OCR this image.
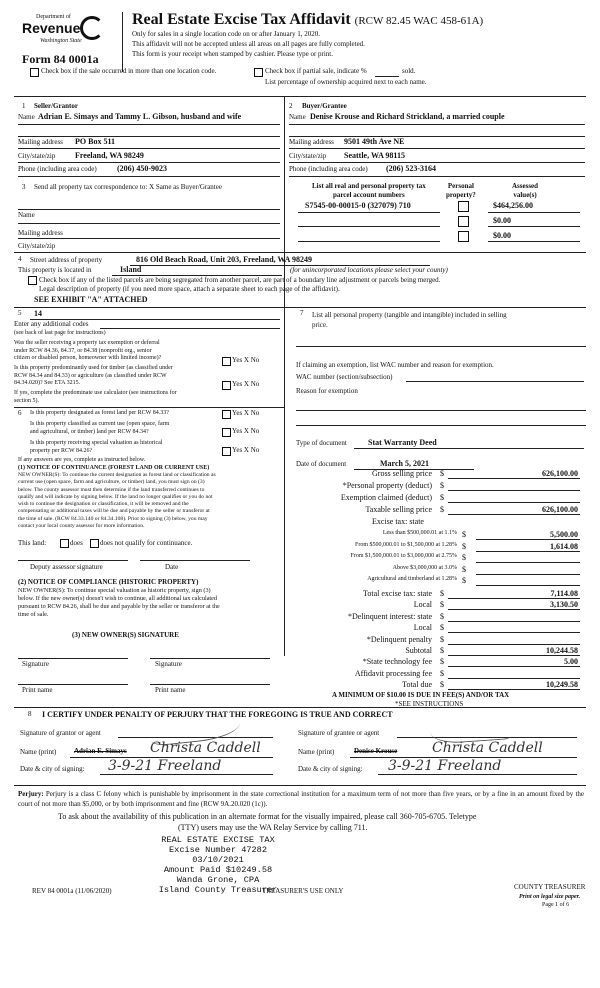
Department of
Revenue
Washington State
Form 84 0001a
Real Estate Excise Tax Affidavit (RCW 82.45 WAC 458-61A)
Only for sales in a single location code on or after January 1, 2020.
This affidavit will not be accepted unless all areas on all pages are fully completed.
This form is your receipt when stamped by cashier. Please type or print.
Check box if the sale occurred in more than one location code.	Check box if partial sale, indicate %	sold.
List percentage of ownership acquired next to each name.
1 Seller/Grantor
Name Adrian E. Simays and Tammy L. Gibson, husband and wife
Mailing address PO Box 511
City/state/zip Freeland, WA 98249
Phone (including area code)	(206) 450-9023
2 Buyer/Grantee
Name Denise Krouse and Richard Strickland, a married couple
Mailing address 9501 49th Ave NE
City/state/zip Seattle, WA 98115
Phone (including area code) (206) 523-3164
3 Send all property tax correspondence to: X Same as Buyer/Grantee
Name
Mailing address
City/state/zip
List all real and personal property tax
parcel account numbers
Personal
property?
Assessed
value(s)
S7545-00-00015-0 (327079) 710	$464,256.00
$0.00
$0.00
4 Street address of property	816 Old Beach Road, Unit 203, Freeland, WA 98249
This property is located in	Island	(for unincorporated locations please select your county)
Check box if any of the listed parcels are being segregated from another parcel, are part of a boundary line adjustment or parcels being merged.
Legal description of property (if you need more space, attach a separate sheet to each page of the affidavit).
SEE EXHIBIT "A" ATTACHED
5 14
Enter any additional codes
(see back of last page for instructions)
Was the seller receiving a property tax exemption or deferral
under RCW 84.36, 84.37, or 84.38 (nonprofit org., senior
citizen or disabled person, homeowner with limited income)?	Yes X No
Is this property predominantly used for timber (as classified under
RCW 84.34 and 84.33) or agriculture (as classified under RCW
84.34.020)? See ETA 3215.	Yes X No
If yes, complete the predominate use calculator (see instructions for
section 5).
6 Is this property designated as forest land per RCW 84.33?	Yes X No
Is this property classified as current use (open space, farm
and agricultural, or timber) land per RCW 84.34?	Yes X No
Is this property receiving special valuation as historical
property per RCW 84.26?	Yes X No
If any answers are yes, complete as instructed below.
(1) NOTICE OF CONTINUANCE (FOREST LAND OR CURRENT USE)
NEW OWNER(S): To continue the current designation as forest land or classification as
current use (open space, farm and agriculture, or timber) land, you must sign on (3)
below. The county assessor must then determine if the land transferred continues to
qualify and will indicate by signing below. If the land no longer qualifies or you do not
wish to continue the designation or classification, it will be removed and the
compensating or additional taxes will be due and payable by the seller or transferor at
the time of sale. (RCW 84.33.140 or 84.34.108). Prior to signing (3) below, you may
contact your local county assessor for more information.
This land:	does does not qualify for continuance.
Deputy assessor signature	Date
(2) NOTICE OF COMPLIANCE (HISTORIC PROPERTY)
NEW OWNER(S): To continue special valuation as historic property, sign (3)
below. If the new owner(s) doesn't wish to continue, all additional tax calculated
pursuant to RCW 84.26, shall be due and payable by the seller or transferor at the
time of sale.
(3) NEW OWNER(S) SIGNATURE
Signature	Signature
Print name	Print name
7 List all personal property (tangible and intangible) included in selling
price.
If claiming an exemption, list WAC number and reason for exemption.
WAC number (section/subsection)
Reason for exemption
Type of document	Stat Warranty Deed
Date of document	March 5, 2021
Gross selling price $	626,100.00
*Personal property (deduct) $
Exemption claimed (deduct) $
Taxable selling price $	626,100.00
Excise tax: state
Less than $500,000.01 at 1.1% $	5,500.00
From $500,000.01 to $1,500,000 at 1.28% $	1,614.08
From $1,500,000.01 to $3,000,000 at 2.75% $
Above $3,000,000 at 3.0% $
Agricultural and timberland at 1.28% $
Total excise tax: state $	7,114.08
Local $	3,130.50
*Delinquent interest: state $
Local $
*Delinquent penalty $
Subtotal $	10,244.58
*State technology fee $	5.00
Affidavit processing fee $
Total due $	10,249.58
A MINIMUM OF $10.00 IS DUE IN FEE(S) AND/OR TAX
*SEE INSTRUCTIONS
8 I CERTIFY UNDER PENALTY OF PERJURY THAT THE FOREGOING IS TRUE AND CORRECT
Signature of grantor or agent	Signature of grantee or agent
Name (print)	Adrian E. Simays Christa Caddell	Name (print)	Denise Krouse Christa Caddell
Date & city of signing: 3-9-21 Freeland	Date & city of signing: 3-9-21 Freeland
Perjury: Perjury is a class C felony which is punishable by imprisonment in the state correctional institution for a maximum term of not more than five years, or by a fine in an amount fixed by the court of not more than $5,000, or by both imprisonment and fine (RCW 9A.20.020 (1c)).
To ask about the availability of this publication in an alternate format for the visually impaired, please call 360-705-6705. Teletype
(TTY) users may use the WA Relay Service by calling 711.
REAL ESTATE EXCISE TAX
Excise Number 47282
03/10/2021
Amount Paid $10249.58
Wanda Grone, CPA
Island County Treasurer
TREASURER'S USE ONLY
REV 84 0001a (11/06/2020)	COUNTY TREASURER
Print on legal size paper.
Page 1 of 6
